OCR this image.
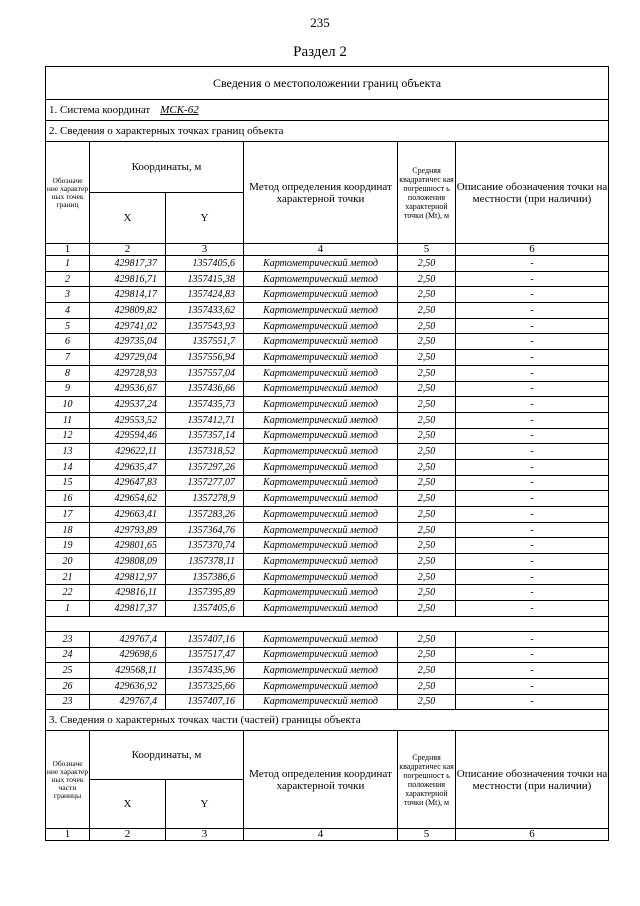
235
Раздел 2
Сведения о местоположении границ объекта					
1. Система координат МСК-62					
2. Сведения о характерных точках границ объекта					
Обозначе ние характер ных точек границ	Координаты, м		Метод определения координат характерной точки	Средняя квадратичес кая погрешност ь положения характерной точки (Mt), м	Описание обозначения точки на местности (при наличии)
	X	Y			
1	2	3	4	5	6
1	429817,37	1357405,6	Картометрический метод	2,50	-
2	429816,71	1357415,38	Картометрический метод	2,50	-
3	429814,17	1357424,83	Картометрический метод	2,50	-
4	429809,82	1357433,62	Картометрический метод	2,50	-
5	429741,02	1357543,93	Картометрический метод	2,50	-
6	429735,04	1357551,7	Картометрический метод	2,50	-
7	429729,04	1357556,94	Картометрический метод	2,50	-
8	429728,93	1357557,04	Картометрический метод	2,50	-
9	429536,67	1357436,66	Картометрический метод	2,50	-
10	429537,24	1357435,73	Картометрический метод	2,50	-
11	429553,52	1357412,71	Картометрический метод	2,50	-
12	429594,46	1357357,14	Картометрический метод	2,50	-
13	429622,11	1357318,52	Картометрический метод	2,50	-
14	429635,47	1357297,26	Картометрический метод	2,50	-
15	429647,83	1357277,07	Картометрический метод	2,50	-
16	429654,62	1357278,9	Картометрический метод	2,50	-
17	429663,41	1357283,26	Картометрический метод	2,50	-
18	429793,89	1357364,76	Картометрический метод	2,50	-
19	429801,65	1357370,74	Картометрический метод	2,50	-
20	429808,09	1357378,11	Картометрический метод	2,50	-
21	429812,97	1357386,6	Картометрический метод	2,50	-
22	429816,11	1357395,89	Картометрический метод	2,50	-
1	429817,37	1357405,6	Картометрический метод	2,50	-

23	429767,4	1357407,16	Картометрический метод	2,50	-
24	429698,6	1357517,47	Картометрический метод	2,50	-
25	429568,11	1357435,96	Картометрический метод	2,50	-
26	429636,92	1357325,66	Картометрический метод	2,50	-
23	429767,4	1357407,16	Картометрический метод	2,50	-
3. Сведения о характерных точках части (частей) границы объекта					
Обозначе ние характер ных точек части границы	Координаты, м		Метод определения координат характерной точки	Средняя квадратичес кая погрешност ь положения характерной точки (Mt), м	Описание обозначения точки на местности (при наличии)
	X	Y			
1	2	3	4	5	6
